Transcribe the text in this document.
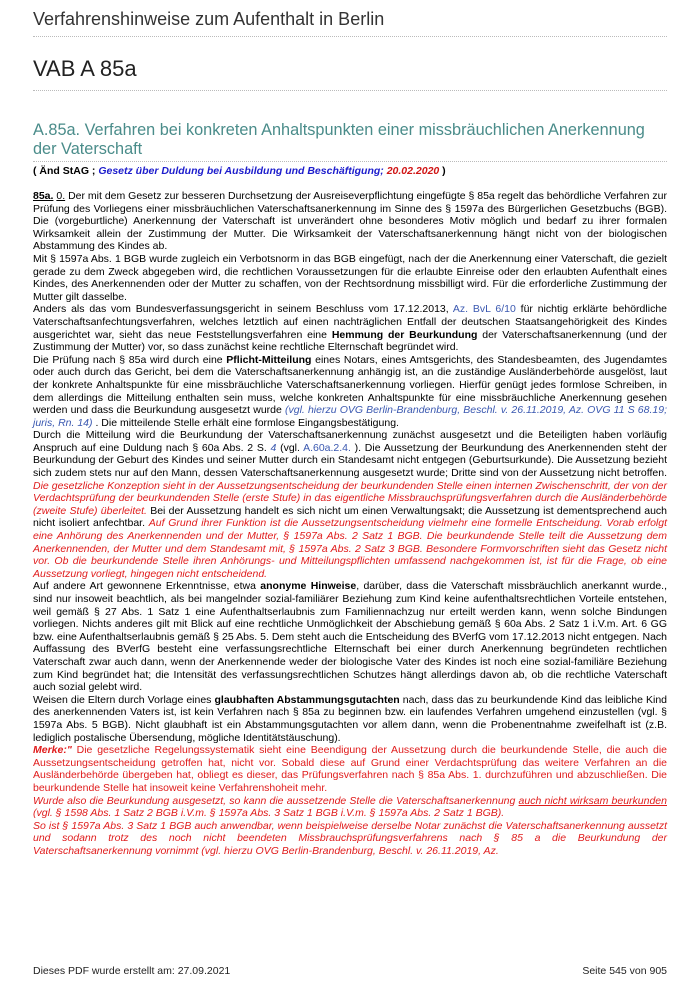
Verfahrenshinweise zum Aufenthalt in Berlin
VAB A 85a
A.85a. Verfahren bei konkreten Anhaltspunkten einer missbräuchlichen Anerkennung der Vaterschaft
( Änd StAG ; Gesetz über Duldung bei Ausbildung und Beschäftigung; 20.02.2020 )

85a. 0. Der mit dem Gesetz zur besseren Durchsetzung der Ausreiseverpflichtung eingefügte § 85a regelt das behördliche Verfahren zur Prüfung des Vorliegens einer missbräuchlichen Vaterschaftsanerkennung im Sinne des § 1597a des Bürgerlichen Gesetzbuchs (BGB). Die (vorgeburtliche) Anerkennung der Vaterschaft ist unverändert ohne besonderes Motiv möglich und bedarf zu ihrer formalen Wirksamkeit allein der Zustimmung der Mutter. Die Wirksamkeit der Vaterschaftsanerkennung hängt nicht von der biologischen Abstammung des Kindes ab.

Mit § 1597a Abs. 1 BGB wurde zugleich ein Verbotsnorm in das BGB eingefügt, nach der die Anerkennung einer Vaterschaft, die gezielt gerade zu dem Zweck abgegeben wird, die rechtlichen Voraussetzungen für die erlaubte Einreise oder den erlaubten Aufenthalt eines Kindes, des Anerkennenden oder der Mutter zu schaffen, von der Rechtsordnung missbilligt wird. Für die erforderliche Zustimmung der Mutter gilt dasselbe.

Anders als das vom Bundesverfassungsgericht in seinem Beschluss vom 17.12.2013, Az. BvL 6/10 für nichtig erklärte behördliche Vaterschaftsanfechtungsverfahren, welches letztlich auf einen nachträglichen Entfall der deutschen Staatsangehörigkeit des Kindes ausgerichtet war, sieht das neue Feststellungsverfahren eine Hemmung der Beurkundung der Vaterschaftsanerkennung (und der Zustimmung der Mutter) vor, so dass zunächst keine rechtliche Elternschaft begründet wird.

Die Prüfung nach § 85a wird durch eine Pflicht-Mitteilung eines Notars, eines Amtsgerichts, des Standesbeamten, des Jugendamtes oder auch durch das Gericht, bei dem die Vaterschaftsanerkennung anhängig ist, an die zuständige Ausländerbehörde ausgelöst, laut der konkrete Anhaltspunkte für eine missbräuchliche Vaterschaftsanerkennung vorliegen. Hierfür genügt jedes formlose Schreiben, in dem allerdings die Mitteilung enthalten sein muss, welche konkreten Anhaltspunkte für eine missbräuchliche Anerkennung gesehen werden und dass die Beurkundung ausgesetzt wurde (vgl. hierzu OVG Berlin-Brandenburg, Beschl. v. 26.11.2019, Az. OVG 11 S 68.19; juris, Rn. 14) . Die mitteilende Stelle erhält eine formlose Eingangsbestätigung.

Durch die Mitteilung wird die Beurkundung der Vaterschaftsanerkennung zunächst ausgesetzt und die Beteiligten haben vorläufig Anspruch auf eine Duldung nach § 60a Abs. 2 S. 4 (vgl. A.60a.2.4. ). Die Aussetzung der Beurkundung des Anerkennenden steht der Beurkundung der Geburt des Kindes und seiner Mutter durch ein Standesamt nicht entgegen (Geburtsurkunde). Die Aussetzung bezieht sich zudem stets nur auf den Mann, dessen Vaterschaftsanerkennung ausgesetzt wurde; Dritte sind von der Aussetzung nicht betroffen. Die gesetzliche Konzeption sieht in der Aussetzungsentscheidung der beurkundenden Stelle einen internen Zwischenschritt, der von der Verdachtsprüfung der beurkundenden Stelle (erste Stufe) in das eigentliche Missbrauchsprüfungsverfahren durch die Ausländerbehörde (zweite Stufe) überleitet. Bei der Aussetzung handelt es sich nicht um einen Verwaltungsakt; die Aussetzung ist dementsprechend auch nicht isoliert anfechtbar. Auf Grund ihrer Funktion ist die Aussetzungsentscheidung vielmehr eine formelle Entscheidung. Vorab erfolgt eine Anhörung des Anerkennenden und der Mutter, § 1597a Abs. 2 Satz 1 BGB. Die beurkundende Stelle teilt die Aussetzung dem Anerkennenden, der Mutter und dem Standesamt mit, § 1597a Abs. 2 Satz 3 BGB. Besondere Formvorschriften sieht das Gesetz nicht vor. Ob die beurkundende Stelle ihren Anhörungs- und Mitteilungspflichten umfassend nachgekommen ist, ist für die Frage, ob eine Aussetzung vorliegt, hingegen nicht entscheidend.

Auf andere Art gewonnene Erkenntnisse, etwa anonyme Hinweise, darüber, dass die Vaterschaft missbräuchlich anerkannt wurde., sind nur insoweit beachtlich, als bei mangelnder sozial-familiärer Beziehung zum Kind keine aufenthaltsrechtlichen Vorteile entstehen, weil gemäß § 27 Abs. 1 Satz 1 eine Aufenthaltserlaubnis zum Familiennachzug nur erteilt werden kann, wenn solche Bindungen vorliegen. Nichts anderes gilt mit Blick auf eine rechtliche Unmöglichkeit der Abschiebung gemäß § 60a Abs. 2 Satz 1 i.V.m. Art. 6 GG bzw. eine Aufenthaltserlaubnis gemäß § 25 Abs. 5. Dem steht auch die Entscheidung des BVerfG vom 17.12.2013 nicht entgegen. Nach Auffassung des BVerfG besteht eine verfassungsrechtliche Elternschaft bei einer durch Anerkennung begründeten rechtlichen Vaterschaft zwar auch dann, wenn der Anerkennende weder der biologische Vater des Kindes ist noch eine sozial-familiäre Beziehung zum Kind begründet hat; die Intensität des verfassungsrechtlichen Schutzes hängt allerdings davon ab, ob die rechtliche Vaterschaft auch sozial gelebt wird.

Weisen die Eltern durch Vorlage eines glaubhaften Abstammungsgutachten nach, dass das zu beurkundende Kind das leibliche Kind des anerkennenden Vaters ist, ist kein Verfahren nach § 85a zu beginnen bzw. ein laufendes Verfahren umgehend einzustellen (vgl. § 1597a Abs. 5 BGB). Nicht glaubhaft ist ein Abstammungsgutachten vor allem dann, wenn die Probenentnahme zweifelhaft ist (z.B. lediglich postalische Übersendung, mögliche Identitätstäuschung).

Merke:" Die gesetzliche Regelungssystematik sieht eine Beendigung der Aussetzung durch die beurkundende Stelle, die auch die Aussetzungsentscheidung getroffen hat, nicht vor. Sobald diese auf Grund einer Verdachtsprüfung das weitere Verfahren an die Ausländerbehörde übergeben hat, obliegt es dieser, das Prüfungsverfahren nach § 85a Abs. 1. durchzuführen und abzuschließen. Die beurkundende Stelle hat insoweit keine Verfahrenshoheit mehr.

Wurde also die Beurkundung ausgesetzt, so kann die aussetzende Stelle die Vaterschaftsanerkennung auch nicht wirksam beurkunden (vgl. § 1598 Abs. 1 Satz 2 BGB i.V.m. § 1597a Abs. 3 Satz 1 BGB i.V.m. § 1597a Abs. 2 Satz 1 BGB).

So ist § 1597a Abs. 3 Satz 1 BGB auch anwendbar, wenn beispielweise derselbe Notar zunächst die Vaterschaftsanerkennung aussetzt und sodann trotz des noch nicht beendeten Missbrauchsprüfungsverfahrens nach § 85 a die Beurkundung der Vaterschaftsanerkennung vornimmt (vgl. hierzu OVG Berlin-Brandenburg, Beschl. v. 26.11.2019, Az.

Dieses PDF wurde erstellt am: 27.09.2021	Seite 545 von 905
